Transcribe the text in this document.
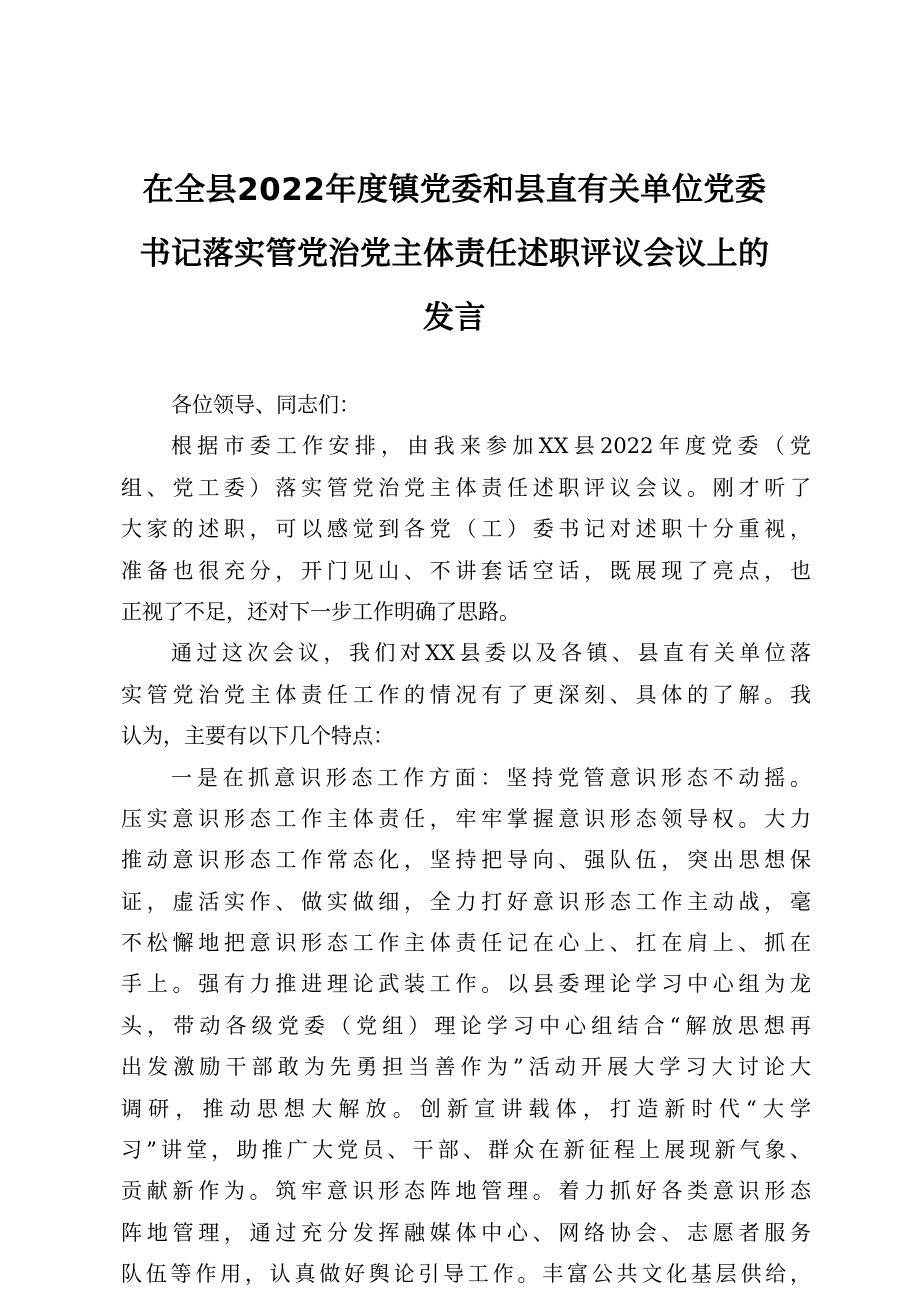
在全县2022年度镇党委和县直有关单位党委
书记落实管党治党主体责任述职评议会议上的
发言
各位领导、同志们：
根据市委工作安排，由我来参加XX县2022年度党委（党
组、党工委）落实管党治党主体责任述职评议会议。刚才听了
大家的述职，可以感觉到各党（工）委书记对述职十分重视，
准备也很充分，开门见山、不讲套话空话，既展现了亮点，也
正视了不足，还对下一步工作明确了思路。
通过这次会议，我们对XX县委以及各镇、县直有关单位落
实管党治党主体责任工作的情况有了更深刻、具体的了解。我
认为，主要有以下几个特点：
一是在抓意识形态工作方面：坚持党管意识形态不动摇。
压实意识形态工作主体责任，牢牢掌握意识形态领导权。大力
推动意识形态工作常态化，坚持把导向、强队伍，突出思想保
证，虚活实作、做实做细，全力打好意识形态工作主动战，毫
不松懈地把意识形态工作主体责任记在心上、扛在肩上、抓在
手上。强有力推进理论武装工作。以县委理论学习中心组为龙
头，带动各级党委（党组）理论学习中心组结合“解放思想再
出发激励干部敢为先勇担当善作为”活动开展大学习大讨论大
调研，推动思想大解放。创新宣讲载体，打造新时代“大学
习”讲堂，助推广大党员、干部、群众在新征程上展现新气象、
贡献新作为。筑牢意识形态阵地管理。着力抓好各类意识形态
阵地管理，通过充分发挥融媒体中心、网络协会、志愿者服务
队伍等作用，认真做好舆论引导工作。丰富公共文化基层供给，
